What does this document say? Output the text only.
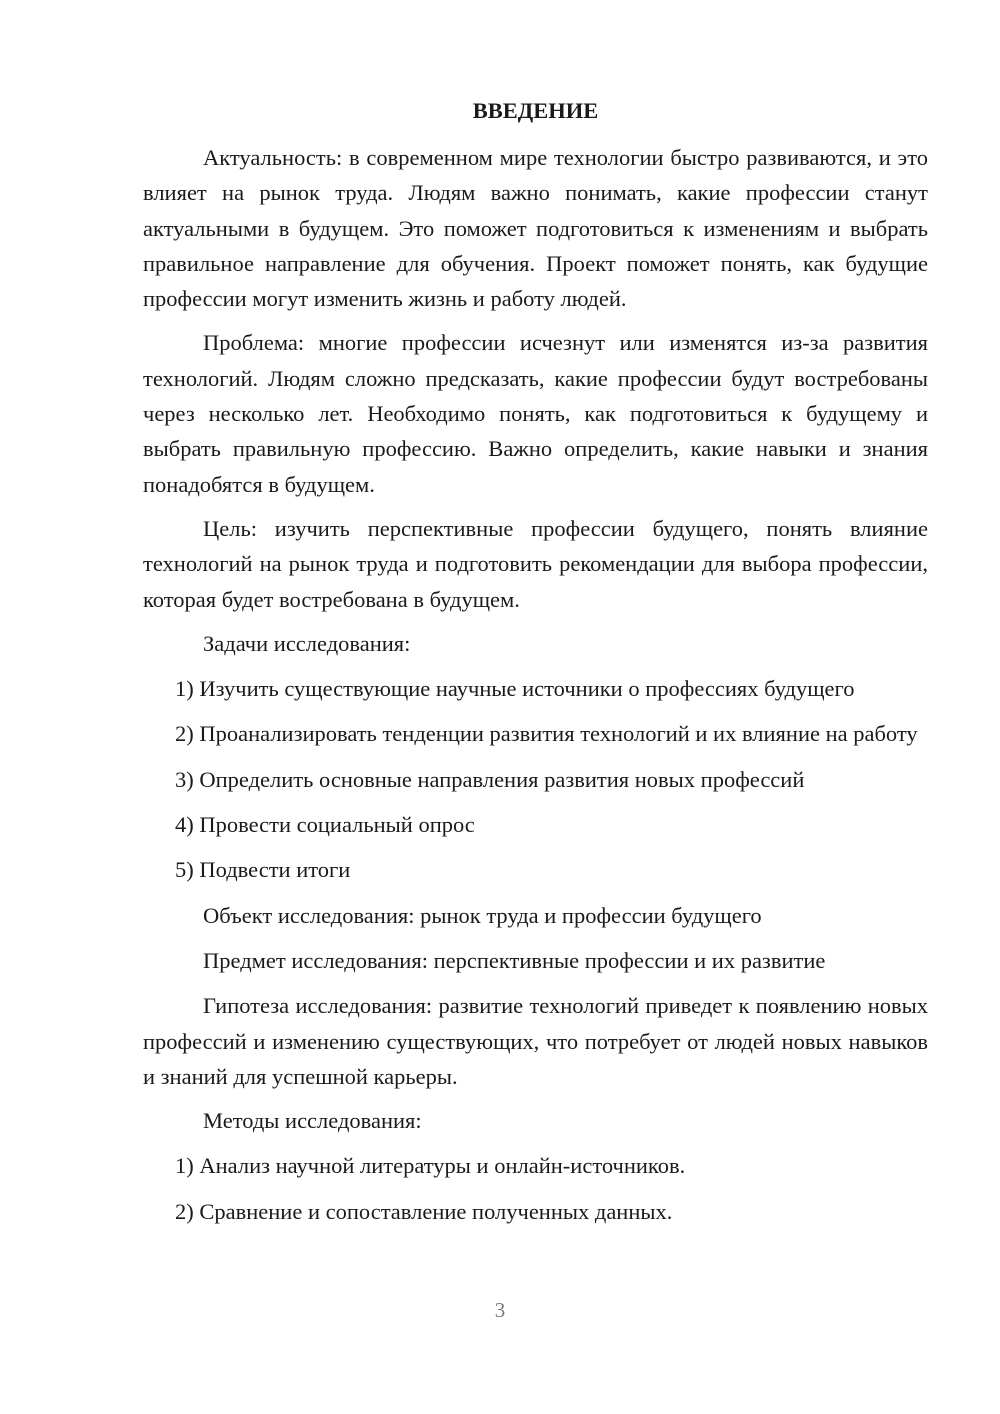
ВВЕДЕНИЕ

Актуальность: в современном мире технологии быстро развиваются, и это влияет на рынок труда. Людям важно понимать, какие профессии станут актуальными в будущем. Это поможет подготовиться к изменениям и выбрать правильное направление для обучения. Проект поможет понять, как будущие профессии могут изменить жизнь и работу людей.

Проблема: многие профессии исчезнут или изменятся из-за развития технологий. Людям сложно предсказать, какие профессии будут востребованы через несколько лет. Необходимо понять, как подготовиться к будущему и выбрать правильную профессию. Важно определить, какие навыки и знания понадобятся в будущем.

Цель: изучить перспективные профессии будущего, понять влияние технологий на рынок труда и подготовить рекомендации для выбора профессии, которая будет востребована в будущем.

Задачи исследования:

1) Изучить существующие научные источники о профессиях будущего

2) Проанализировать тенденции развития технологий и их влияние на работу

3) Определить основные направления развития новых профессий

4) Провести социальный опрос

5) Подвести итоги

Объект исследования: рынок труда и профессии будущего

Предмет исследования: перспективные профессии и их развитие

Гипотеза исследования: развитие технологий приведет к появлению новых профессий и изменению существующих, что потребует от людей новых навыков и знаний для успешной карьеры.

Методы исследования:

1) Анализ научной литературы и онлайн-источников.

2) Сравнение и сопоставление полученных данных.

3
